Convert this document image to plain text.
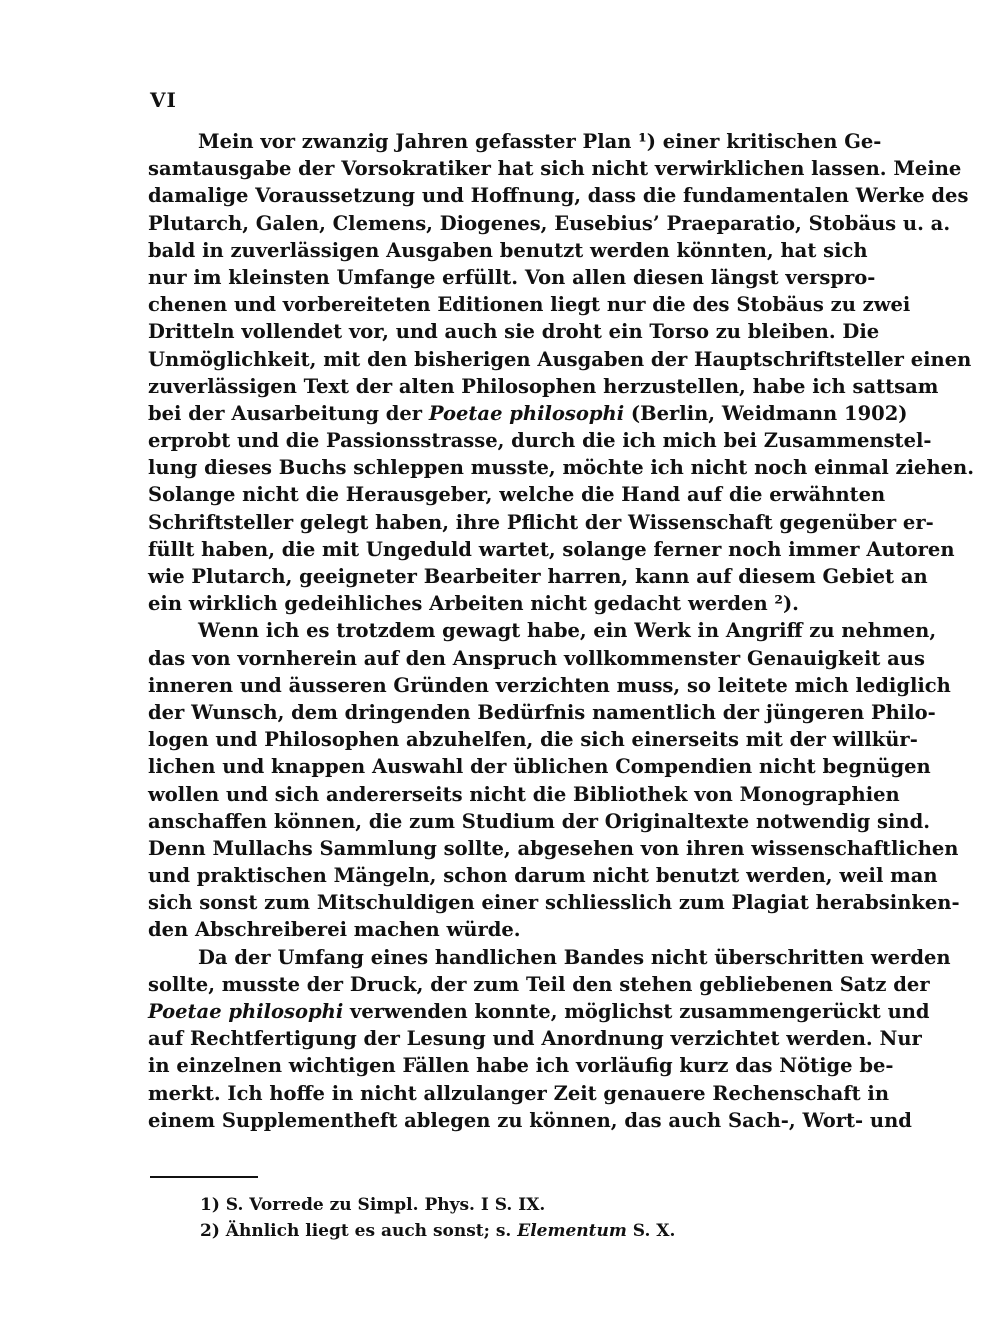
VI
Mein vor zwanzig Jahren gefasster Plan ¹) einer kritischen Ge-
samtausgabe der Vorsokratiker hat sich nicht verwirklichen lassen. Meine
damalige Voraussetzung und Hoffnung, dass die fundamentalen Werke des
Plutarch, Galen, Clemens, Diogenes, Eusebius’ Praeparatio, Stobäus u. a.
bald in zuverlässigen Ausgaben benutzt werden könnten, hat sich
nur im kleinsten Umfange erfüllt. Von allen diesen längst verspro-
chenen und vorbereiteten Editionen liegt nur die des Stobäus zu zwei
Dritteln vollendet vor, und auch sie droht ein Torso zu bleiben. Die
Unmöglichkeit, mit den bisherigen Ausgaben der Hauptschriftsteller einen
zuverlässigen Text der alten Philosophen herzustellen, habe ich sattsam
bei der Ausarbeitung der Poetae philosophi (Berlin, Weidmann 1902)
erprobt und die Passionsstrasse, durch die ich mich bei Zusammenstel-
lung dieses Buchs schleppen musste, möchte ich nicht noch einmal ziehen.
Solange nicht die Herausgeber, welche die Hand auf die erwähnten
Schriftsteller gelegt haben, ihre Pflicht der Wissenschaft gegenüber er-
füllt haben, die mit Ungeduld wartet, solange ferner noch immer Autoren
wie Plutarch, geeigneter Bearbeiter harren, kann auf diesem Gebiet an
ein wirklich gedeihliches Arbeiten nicht gedacht werden ²).
Wenn ich es trotzdem gewagt habe, ein Werk in Angriff zu nehmen,
das von vornherein auf den Anspruch vollkommenster Genauigkeit aus
inneren und äusseren Gründen verzichten muss, so leitete mich lediglich
der Wunsch, dem dringenden Bedürfnis namentlich der jüngeren Philo-
logen und Philosophen abzuhelfen, die sich einerseits mit der willkür-
lichen und knappen Auswahl der üblichen Compendien nicht begnügen
wollen und sich andererseits nicht die Bibliothek von Monographien
anschaffen können, die zum Studium der Originaltexte notwendig sind.
Denn Mullachs Sammlung sollte, abgesehen von ihren wissenschaftlichen
und praktischen Mängeln, schon darum nicht benutzt werden, weil man
sich sonst zum Mitschuldigen einer schliesslich zum Plagiat herabsinken-
den Abschreiberei machen würde.
Da der Umfang eines handlichen Bandes nicht überschritten werden
sollte, musste der Druck, der zum Teil den stehen gebliebenen Satz der
Poetae philosophi verwenden konnte, möglichst zusammengerückt und
auf Rechtfertigung der Lesung und Anordnung verzichtet werden. Nur
in einzelnen wichtigen Fällen habe ich vorläufig kurz das Nötige be-
merkt. Ich hoffe in nicht allzulanger Zeit genauere Rechenschaft in
einem Supplementheft ablegen zu können, das auch Sach-, Wort- und
1) S. Vorrede zu Simpl. Phys. I S. IX.
2) Ähnlich liegt es auch sonst; s. Elementum S. X.
